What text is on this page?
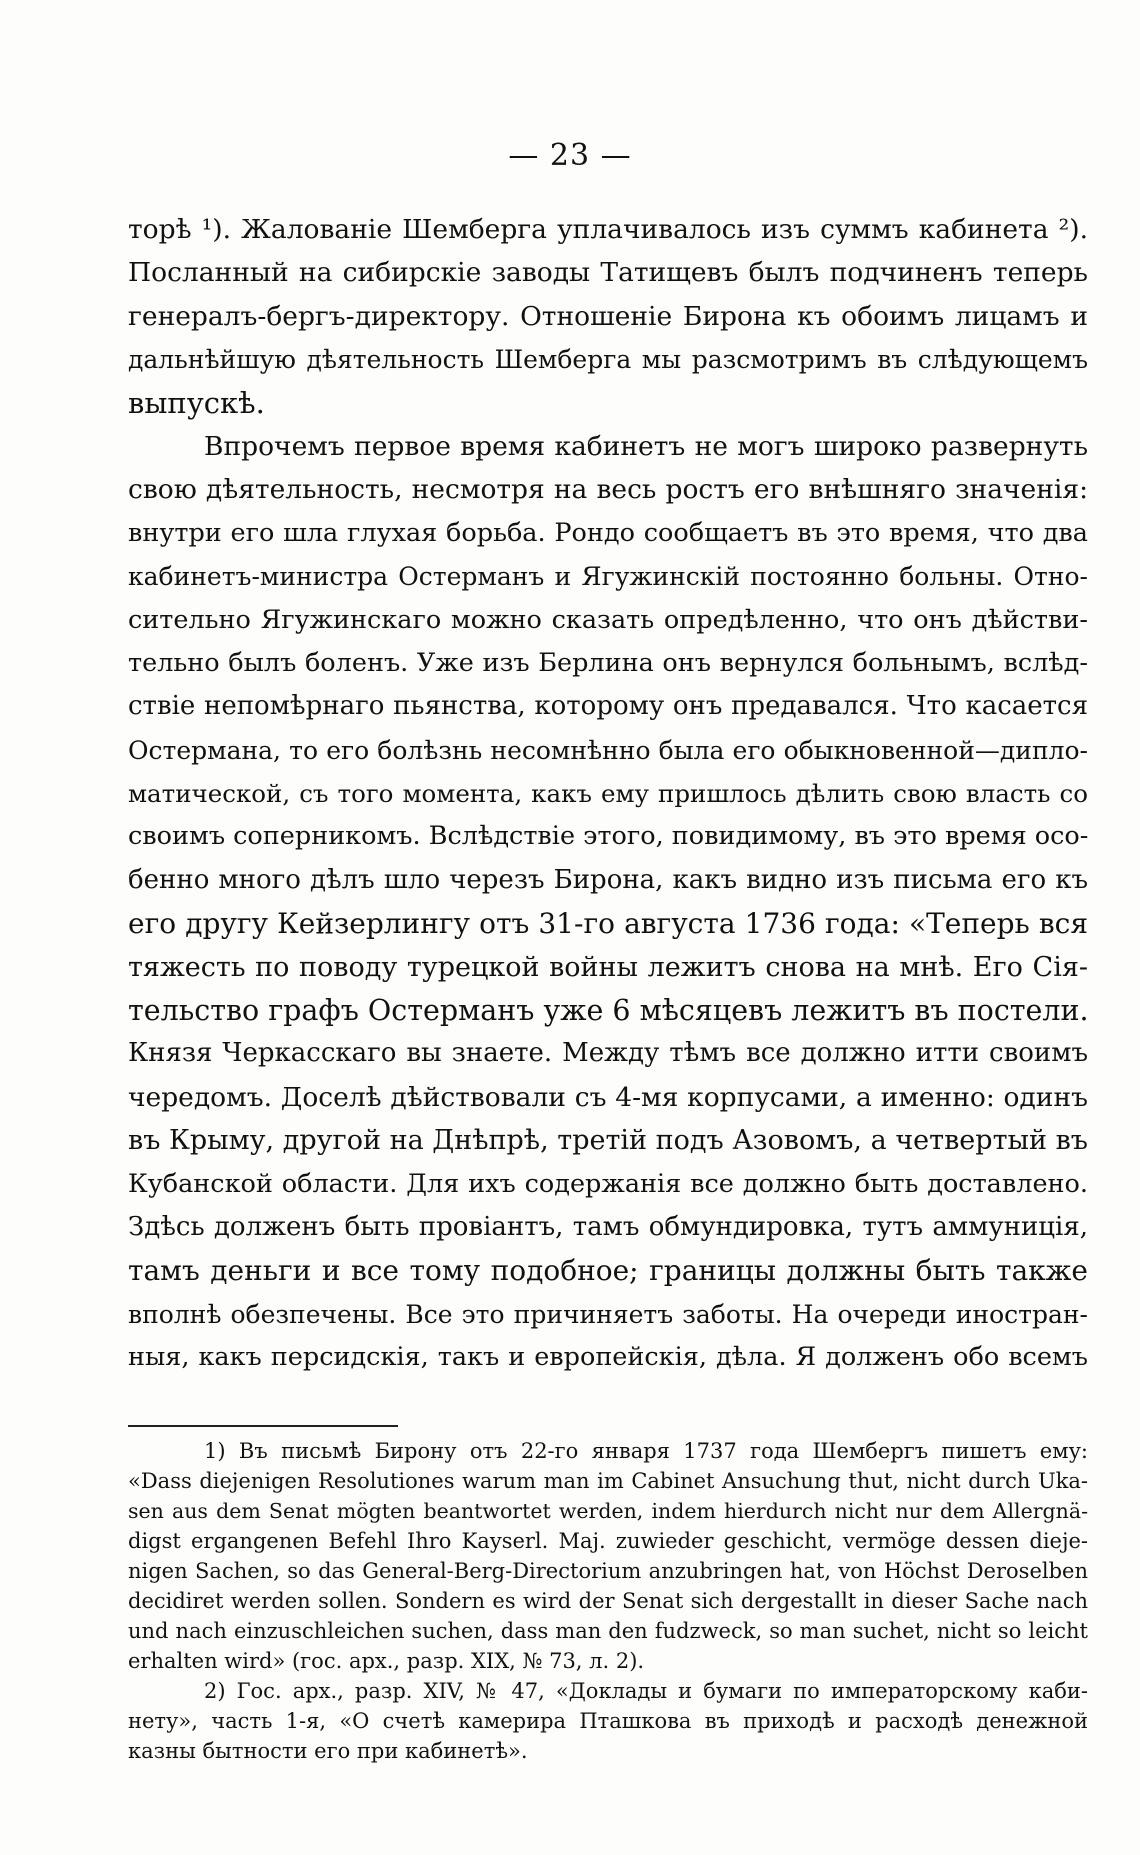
— 23 —
торѣ ¹). Жалованіе Шемберга уплачивалось изъ суммъ кабинета ²).
Посланный на сибирскіе заводы Татищевъ былъ подчиненъ теперь
генералъ-бергъ-директору. Отношеніе Бирона къ обоимъ лицамъ и
дальнѣйшую дѣятельность Шемберга мы разсмотримъ въ слѣдующемъ
выпускѣ.
Впрочемъ первое время кабинетъ не могъ широко развернуть
свою дѣятельность, несмотря на весь ростъ его внѣшняго значенія:
внутри его шла глухая борьба. Рондо сообщаетъ въ это время, что два
кабинетъ-министра Остерманъ и Ягужинскій постоянно больны. Отно-
сительно Ягужинскаго можно сказать опредѣленно, что онъ дѣйстви-
тельно былъ боленъ. Уже изъ Берлина онъ вернулся больнымъ, вслѣд-
ствіе непомѣрнаго пьянства, которому онъ предавался. Что касается
Остермана, то его болѣзнь несомнѣнно была его обыкновенной—дипло-
матической, съ того момента, какъ ему пришлось дѣлить свою власть со
своимъ соперникомъ. Вслѣдствіе этого, повидимому, въ это время осо-
бенно много дѣлъ шло черезъ Бирона, какъ видно изъ письма его къ
его другу Кейзерлингу отъ 31-го августа 1736 года: «Теперь вся
тяжесть по поводу турецкой войны лежитъ снова на мнѣ. Его Сія-
тельство графъ Остерманъ уже 6 мѣсяцевъ лежитъ въ постели.
Князя Черкасскаго вы знаете. Между тѣмъ все должно итти своимъ
чередомъ. Доселѣ дѣйствовали съ 4-мя корпусами, а именно: одинъ
въ Крыму, другой на Днѣпрѣ, третій подъ Азовомъ, а четвертый въ
Кубанской области. Для ихъ содержанія все должно быть доставлено.
Здѣсь долженъ быть провіантъ, тамъ обмундировка, тутъ аммуниція,
тамъ деньги и все тому подобное; границы должны быть также
вполнѣ обезпечены. Все это причиняетъ заботы. На очереди иностран-
ныя, какъ персидскія, такъ и европейскія, дѣла. Я долженъ обо всемъ
1) Въ письмѣ Бирону отъ 22-го января 1737 года Шембергъ пишетъ ему:
«Dass diejenigen Resolutiones warum man im Cabinet Ansuchung thut, nicht durch Uka-
sen aus dem Senat mögten beantwortet werden, indem hierdurch nicht nur dem Allergnä-
digst ergangenen Befehl Ihro Kayserl. Maj. zuwieder geschicht, vermöge dessen dieje-
nigen Sachen, so das General-Berg-Directorium anzubringen hat, von Höchst Deroselben
decidiret werden sollen. Sondern es wird der Senat sich dergestallt in dieser Sache nach
und nach einzuschleichen suchen, dass man den fudzweck, so man suchet, nicht so leicht
erhalten wird» (гос. арх., разр. XIX, № 73, л. 2).
2) Гос. арх., разр. XIV, № 47, «Доклады и бумаги по императорскому каби-
нету», часть 1-я, «О счетѣ камерира Пташкова въ приходѣ и расходѣ денежной
казны бытности его при кабинетѣ».
